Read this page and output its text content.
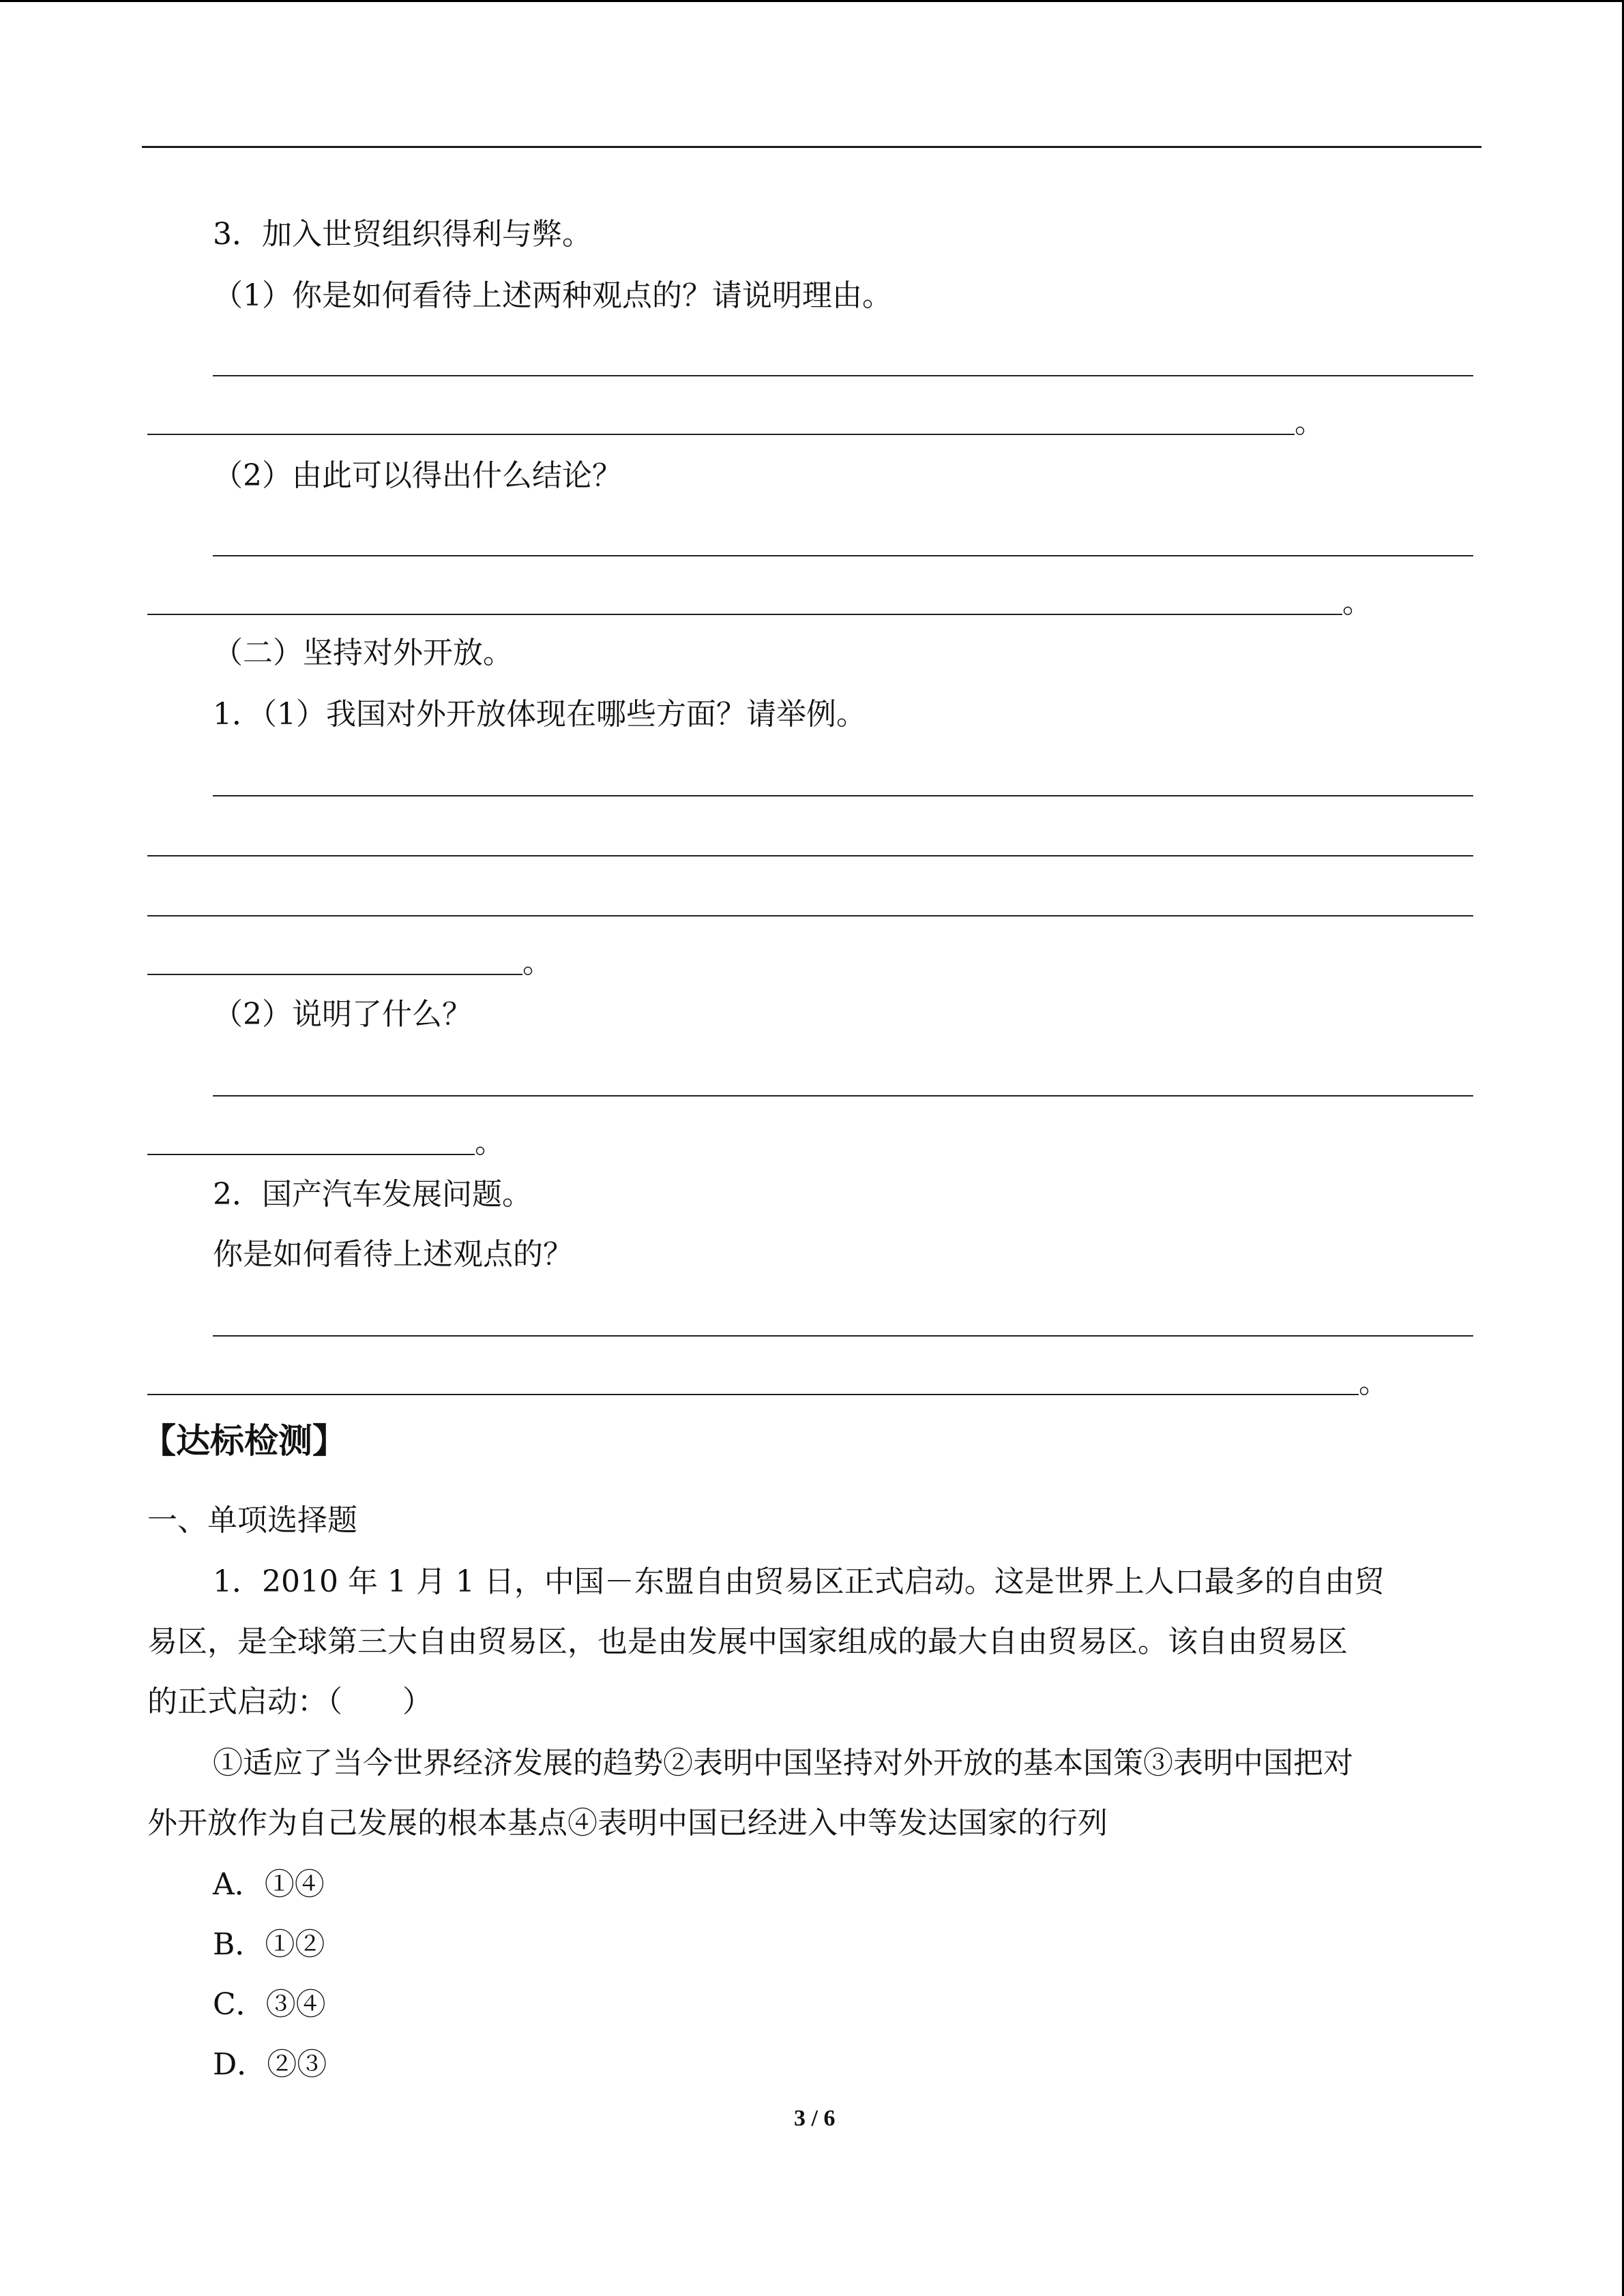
3．加入世贸组织得利与弊。
（1）你是如何看待上述两种观点的？请说明理由。
。
（2）由此可以得出什么结论？
。
（二）坚持对外开放。
1．（1）我国对外开放体现在哪些方面？请举例。
。
（2）说明了什么？
。
2．国产汽车发展问题。
你是如何看待上述观点的？
。
【达标检测】
一、单项选择题
1．2010 年 1 月 1 日，中国－东盟自由贸易区正式启动。这是世界上人口最多的自由贸
易区，是全球第三大自由贸易区，也是由发展中国家组成的最大自由贸易区。该自由贸易区
的正式启动：（　　）
①适应了当今世界经济发展的趋势②表明中国坚持对外开放的基本国策③表明中国把对
外开放作为自己发展的根本基点④表明中国已经进入中等发达国家的行列
A．①④
B．①②
C．③④
D．②③
3 / 6
